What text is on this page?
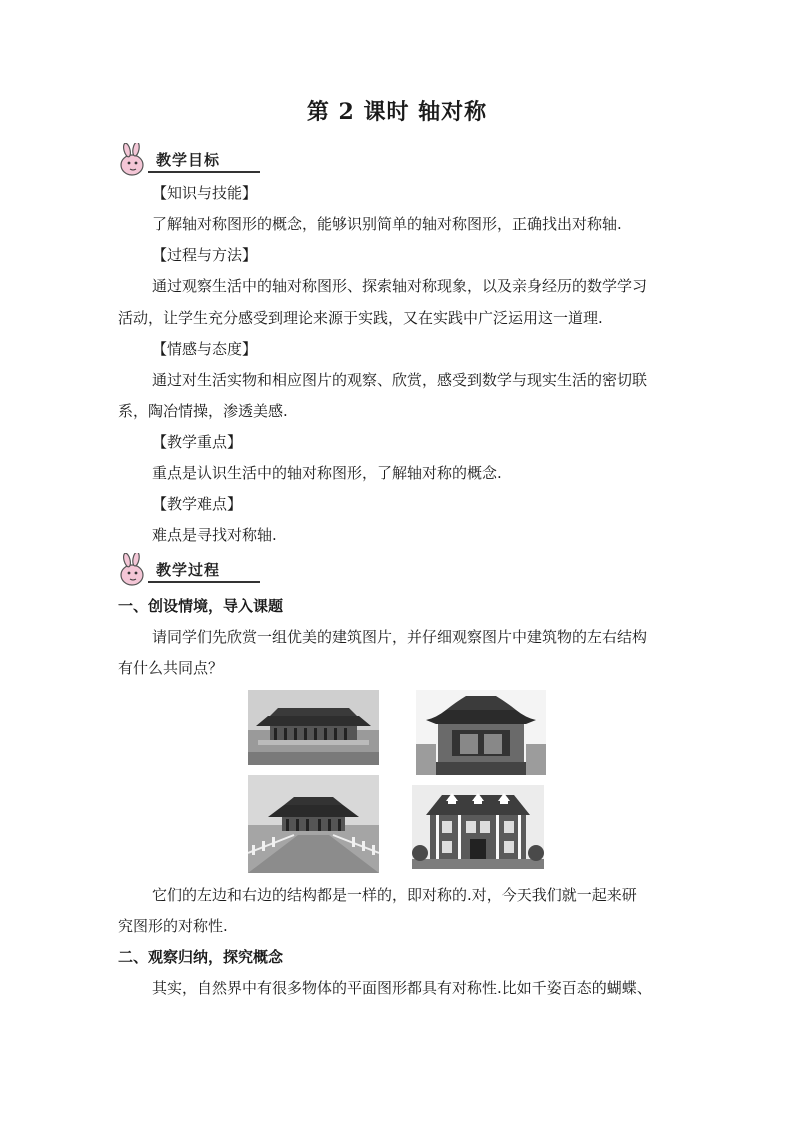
第 2 课时 轴对称
教学目标
【知识与技能】
了解轴对称图形的概念，能够识别简单的轴对称图形，正确找出对称轴.
【过程与方法】
通过观察生活中的轴对称图形、探索轴对称现象，以及亲身经历的数学学习
活动，让学生充分感受到理论来源于实践，又在实践中广泛运用这一道理.
【情感与态度】
通过对生活实物和相应图片的观察、欣赏，感受到数学与现实生活的密切联
系，陶冶情操，渗透美感.
【教学重点】
重点是认识生活中的轴对称图形，了解轴对称的概念.
【教学难点】
难点是寻找对称轴.
教学过程
一、创设情境，导入课题
请同学们先欣赏一组优美的建筑图片，并仔细观察图片中建筑物的左右结构
有什么共同点？
它们的左边和右边的结构都是一样的，即对称的.对，今天我们就一起来研
究图形的对称性.
二、观察归纳，探究概念
其实，自然界中有很多物体的平面图形都具有对称性.比如千姿百态的蝴蝶、
